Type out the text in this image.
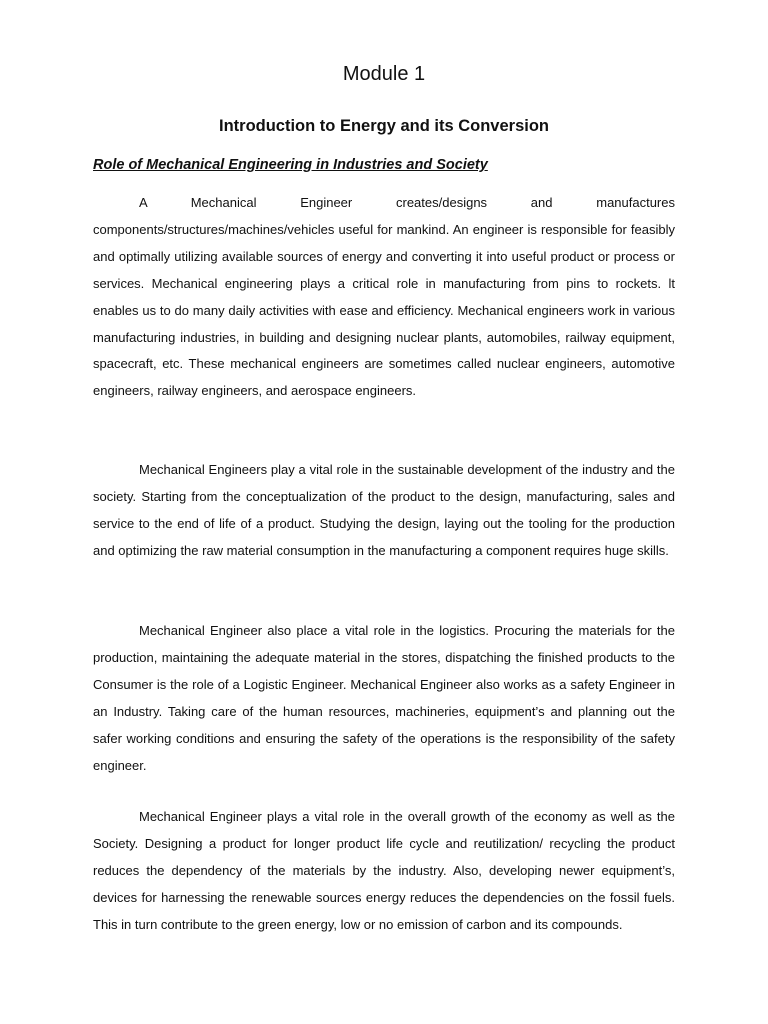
Module 1
Introduction to Energy and its Conversion
Role of Mechanical Engineering in Industries and Society

A Mechanical Engineer creates/designs and manufactures components/structures/machines/vehicles useful for mankind. An engineer is responsible for feasibly and optimally utilizing available sources of energy and converting it into useful product or process or services. Mechanical engineering plays a critical role in manufacturing from pins to rockets. lt enables us to do many daily activities with ease and efficiency. Mechanical engineers work in various manufacturing industries, in building and designing nuclear plants, automobiles, railway equipment, spacecraft, etc. These mechanical engineers are sometimes called nuclear engineers, automotive engineers, railway engineers, and aerospace engineers.

Mechanical Engineers play a vital role in the sustainable development of the industry and the society. Starting from the conceptualization of the product to the design, manufacturing, sales and service to the end of life of a product. Studying the design, laying out the tooling for the production and optimizing the raw material consumption in the manufacturing a component requires huge skills.

Mechanical Engineer also place a vital role in the logistics. Procuring the materials for the production, maintaining the adequate material in the stores, dispatching the finished products to the Consumer is the role of a Logistic Engineer. Mechanical Engineer also works as a safety Engineer in an Industry. Taking care of the human resources, machineries, equipment’s and planning out the safer working conditions and ensuring the safety of the operations is the responsibility of the safety engineer.

Mechanical Engineer plays a vital role in the overall growth of the economy as well as the Society. Designing a product for longer product life cycle and reutilization/ recycling the product reduces the dependency of the materials by the industry. Also, developing newer equipment’s, devices for harnessing the renewable sources energy reduces the dependencies on the fossil fuels. This in turn contribute to the green energy, low or no emission of carbon and its compounds.
